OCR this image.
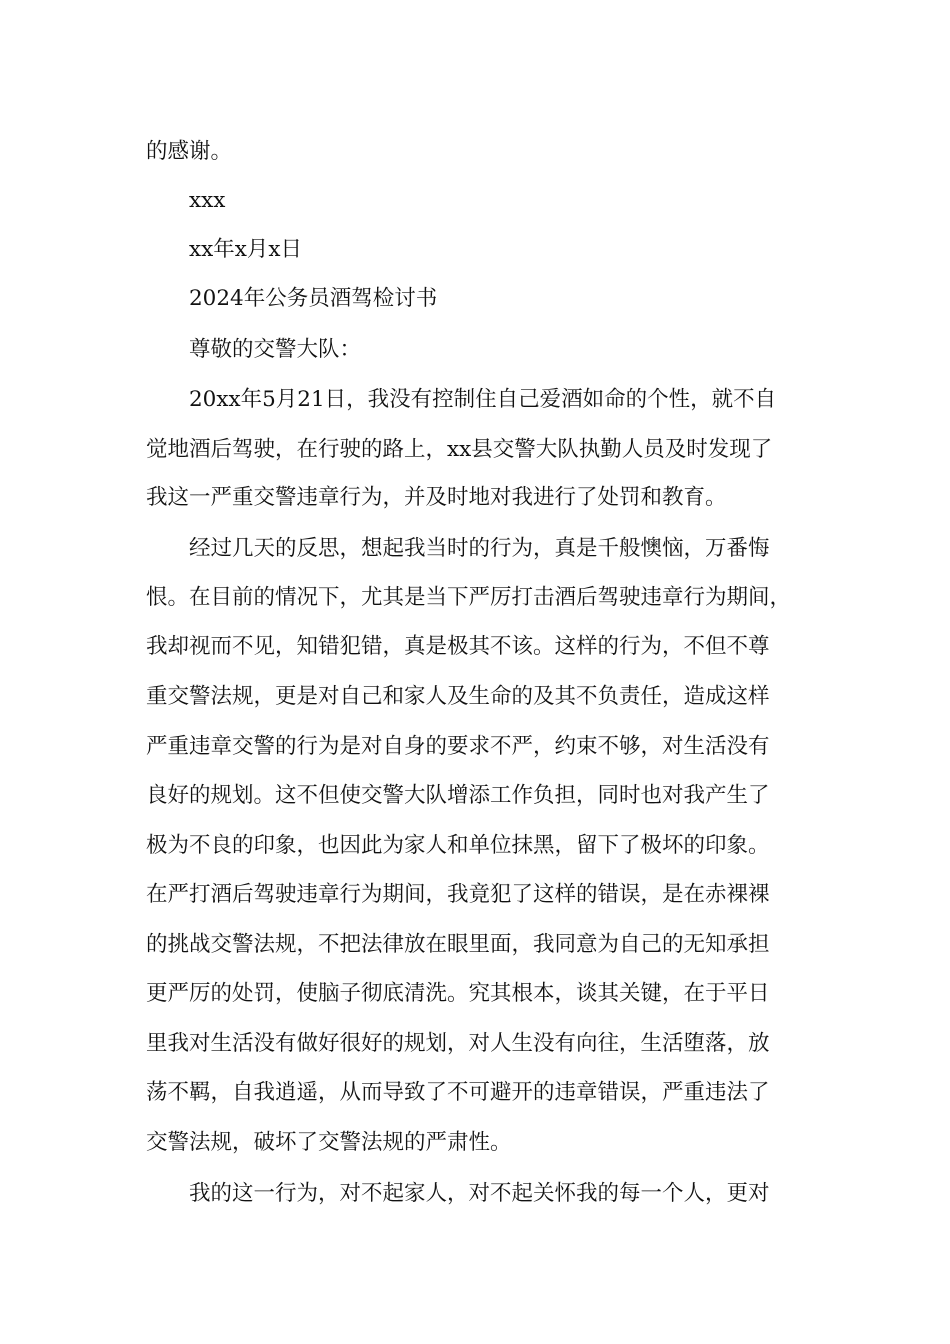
的感谢。
xxx
xx年x月x日
2024年公务员酒驾检讨书
尊敬的交警大队：
20xx年5月21日，我没有控制住自己爱酒如命的个性，就不自
觉地酒后驾驶，在行驶的路上，xx县交警大队执勤人员及时发现了
我这一严重交警违章行为，并及时地对我进行了处罚和教育。
经过几天的反思，想起我当时的行为，真是千般懊恼，万番悔
恨。在目前的情况下，尤其是当下严厉打击酒后驾驶违章行为期间，
我却视而不见，知错犯错，真是极其不该。这样的行为，不但不尊
重交警法规，更是对自己和家人及生命的及其不负责任，造成这样
严重违章交警的行为是对自身的要求不严，约束不够，对生活没有
良好的规划。这不但使交警大队增添工作负担，同时也对我产生了
极为不良的印象，也因此为家人和单位抹黑，留下了极坏的印象。
在严打酒后驾驶违章行为期间，我竟犯了这样的错误，是在赤裸裸
的挑战交警法规，不把法律放在眼里面，我同意为自己的无知承担
更严厉的处罚，使脑子彻底清洗。究其根本，谈其关键，在于平日
里我对生活没有做好很好的规划，对人生没有向往，生活堕落，放
荡不羁，自我逍遥，从而导致了不可避开的违章错误，严重违法了
交警法规，破坏了交警法规的严肃性。
我的这一行为，对不起家人，对不起关怀我的每一个人，更对
